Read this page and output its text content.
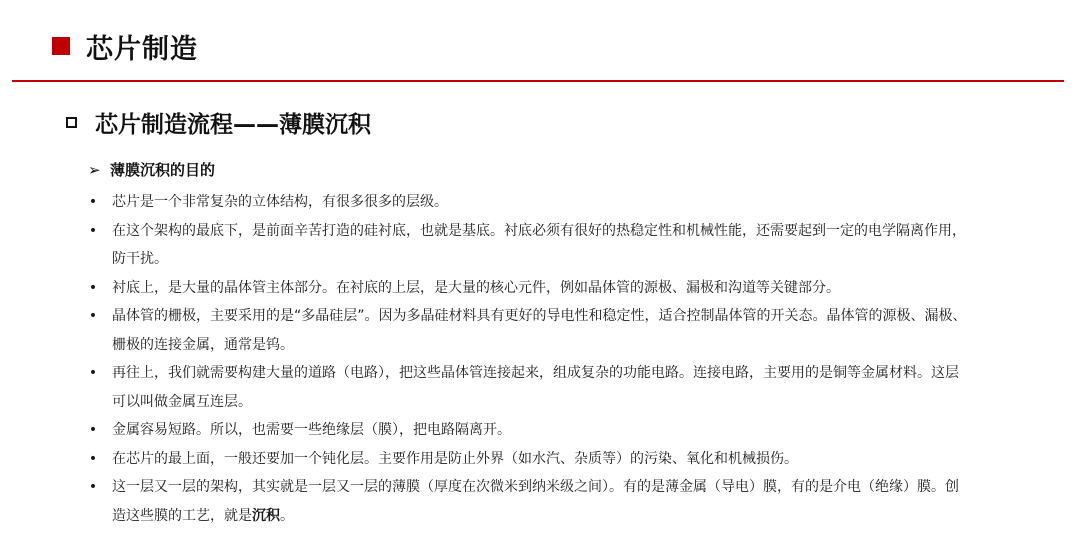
芯片制造
芯片制造流程——薄膜沉积
➢ 薄膜沉积的目的
• 芯片是一个非常复杂的立体结构，有很多很多的层级。
• 在这个架构的最底下，是前面辛苦打造的硅衬底，也就是基底。衬底必须有很好的热稳定性和机械性能，还需要起到一定的电学隔离作用，防干扰。
• 衬底上，是大量的晶体管主体部分。在衬底的上层，是大量的核心元件，例如晶体管的源极、漏极和沟道等关键部分。
• 晶体管的栅极，主要采用的是“多晶硅层”。因为多晶硅材料具有更好的导电性和稳定性，适合控制晶体管的开关态。晶体管的源极、漏极、栅极的连接金属，通常是钨。
• 再往上，我们就需要构建大量的道路（电路），把这些晶体管连接起来，组成复杂的功能电路。连接电路，主要用的是铜等金属材料。这层可以叫做金属互连层。
• 金属容易短路。所以，也需要一些绝缘层（膜），把电路隔离开。
• 在芯片的最上面，一般还要加一个钝化层。主要作用是防止外界（如水汽、杂质等）的污染、氧化和机械损伤。
• 这一层又一层的架构，其实就是一层又一层的薄膜（厚度在次微米到纳米级之间）。有的是薄金属（导电）膜，有的是介电（绝缘）膜。创造这些膜的工艺，就是沉积。
